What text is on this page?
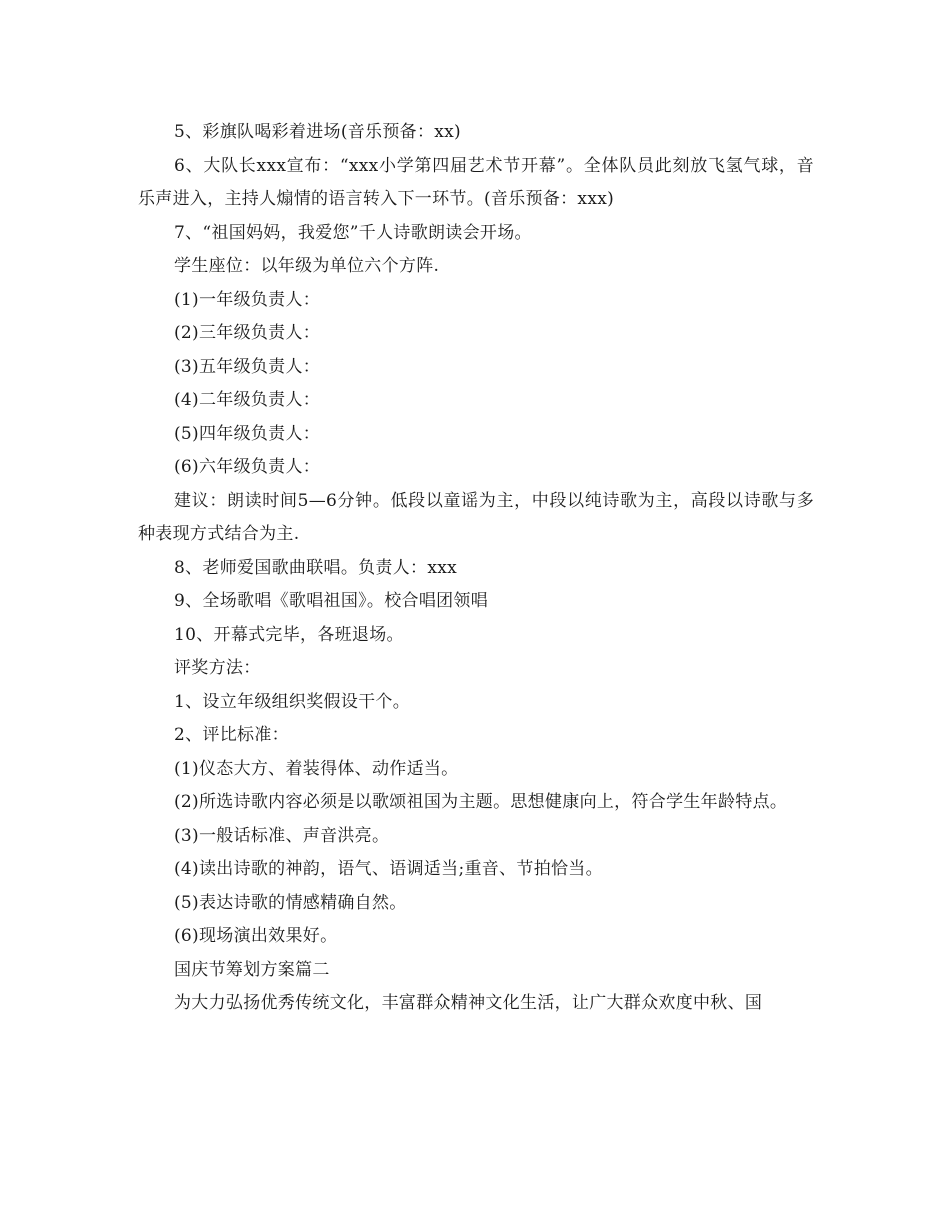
5、彩旗队喝彩着进场(音乐预备：xx)

6、大队长xxx宣布：“xxx小学第四届艺术节开幕”。全体队员此刻放飞氢气球，音乐声进入，主持人煽情的语言转入下一环节。(音乐预备：xxx)

7、“祖国妈妈，我爱您”千人诗歌朗读会开场。

学生座位：以年级为单位六个方阵.

(1)一年级负责人：

(2)三年级负责人：

(3)五年级负责人：

(4)二年级负责人：

(5)四年级负责人：

(6)六年级负责人：

建议：朗读时间5—6分钟。低段以童谣为主，中段以纯诗歌为主，高段以诗歌与多种表现方式结合为主.

8、老师爱国歌曲联唱。负责人：xxx

9、全场歌唱《歌唱祖国》。校合唱团领唱

10、开幕式完毕，各班退场。

评奖方法：

1、设立年级组织奖假设干个。

2、评比标准：

(1)仪态大方、着装得体、动作适当。

(2)所选诗歌内容必须是以歌颂祖国为主题。思想健康向上，符合学生年龄特点。

(3)一般话标准、声音洪亮。

(4)读出诗歌的神韵，语气、语调适当;重音、节拍恰当。

(5)表达诗歌的情感精确自然。

(6)现场演出效果好。

国庆节筹划方案篇二

为大力弘扬优秀传统文化，丰富群众精神文化生活，让广大群众欢度中秋、国
